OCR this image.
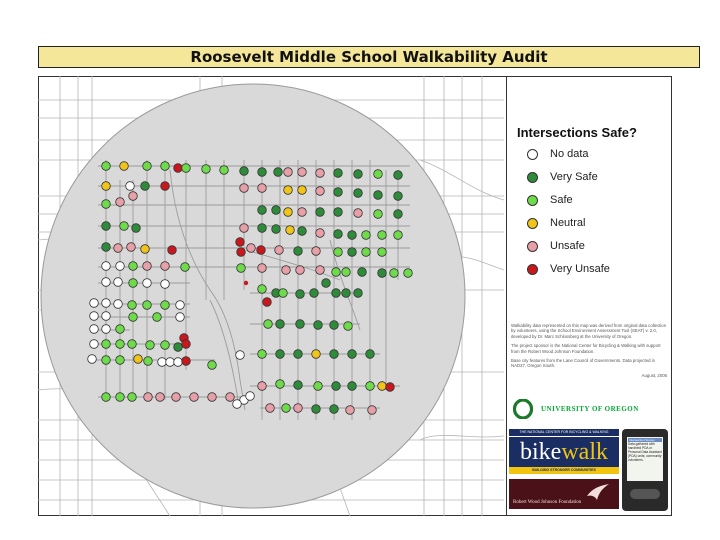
Roosevelt Middle School Walkability Audit
Intersections Safe?
No data
Very Safe
Safe
Neutral
Unsafe
Very Unsafe

Walkability data represented on this map was derived from original data collection by volunteers, using the School Environment Assessment Tool (SEAT) v. 2.0, developed by Dr. Marc Schlossberg at the University of Oregon.

The project sponsor is the National Center for Bicycling & Walking with support from the Robert Wood Johnson Foundation.

Base city features from the Lane Council of Governments. Data projected in NAD27, Oregon South.

August, 2006

UNIVERSITY OF OREGON
THE NATIONAL CENTER FOR BICYCLING & WALKING
bikewalk
BUILDING STRONGER COMMUNITIES
Robert Wood Johnson Foundation
Intersection Survey
Data gathered with handheld PDA or Personal Data Assistant (PDA) units; community volunteers.
